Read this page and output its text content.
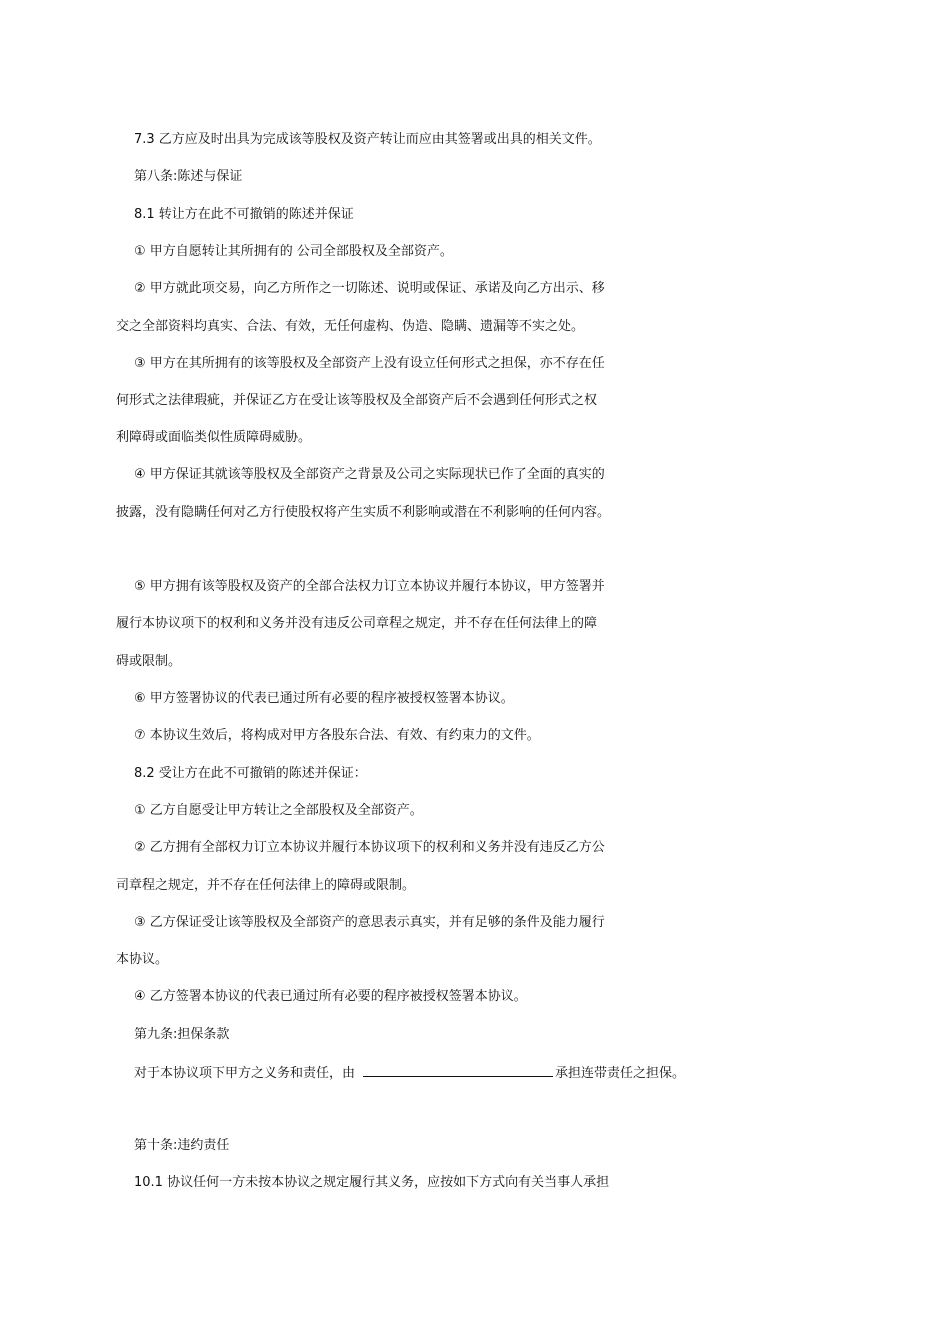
7.3 乙方应及时出具为完成该等股权及资产转让而应由其签署或出具的相关文件。
第八条:陈述与保证
8.1 转让方在此不可撤销的陈述并保证
① 甲方自愿转让其所拥有的 公司全部股权及全部资产。
② 甲方就此项交易，向乙方所作之一切陈述、说明或保证、承诺及向乙方出示、移
交之全部资料均真实、合法、有效，无任何虚构、伪造、隐瞒、遗漏等不实之处。
③ 甲方在其所拥有的该等股权及全部资产上没有设立任何形式之担保，亦不存在任
何形式之法律瑕疵，并保证乙方在受让该等股权及全部资产后不会遇到任何形式之权
利障碍或面临类似性质障碍威胁。
④ 甲方保证其就该等股权及全部资产之背景及公司之实际现状已作了全面的真实的
披露，没有隐瞒任何对乙方行使股权将产生实质不利影响或潜在不利影响的任何内容。
⑤ 甲方拥有该等股权及资产的全部合法权力订立本协议并履行本协议，甲方签署并
履行本协议项下的权利和义务并没有违反公司章程之规定，并不存在任何法律上的障
碍或限制。
⑥ 甲方签署协议的代表已通过所有必要的程序被授权签署本协议。
⑦ 本协议生效后，将构成对甲方各股东合法、有效、有约束力的文件。
8.2 受让方在此不可撤销的陈述并保证：
① 乙方自愿受让甲方转让之全部股权及全部资产。
② 乙方拥有全部权力订立本协议并履行本协议项下的权利和义务并没有违反乙方公
司章程之规定，并不存在任何法律上的障碍或限制。
③ 乙方保证受让该等股权及全部资产的意思表示真实，并有足够的条件及能力履行
本协议。
④ 乙方签署本协议的代表已通过所有必要的程序被授权签署本协议。
第九条:担保条款
对于本协议项下甲方之义务和责任，由	承担连带责任之担保。
第十条:违约责任
10.1 协议任何一方未按本协议之规定履行其义务，应按如下方式向有关当事人承担
